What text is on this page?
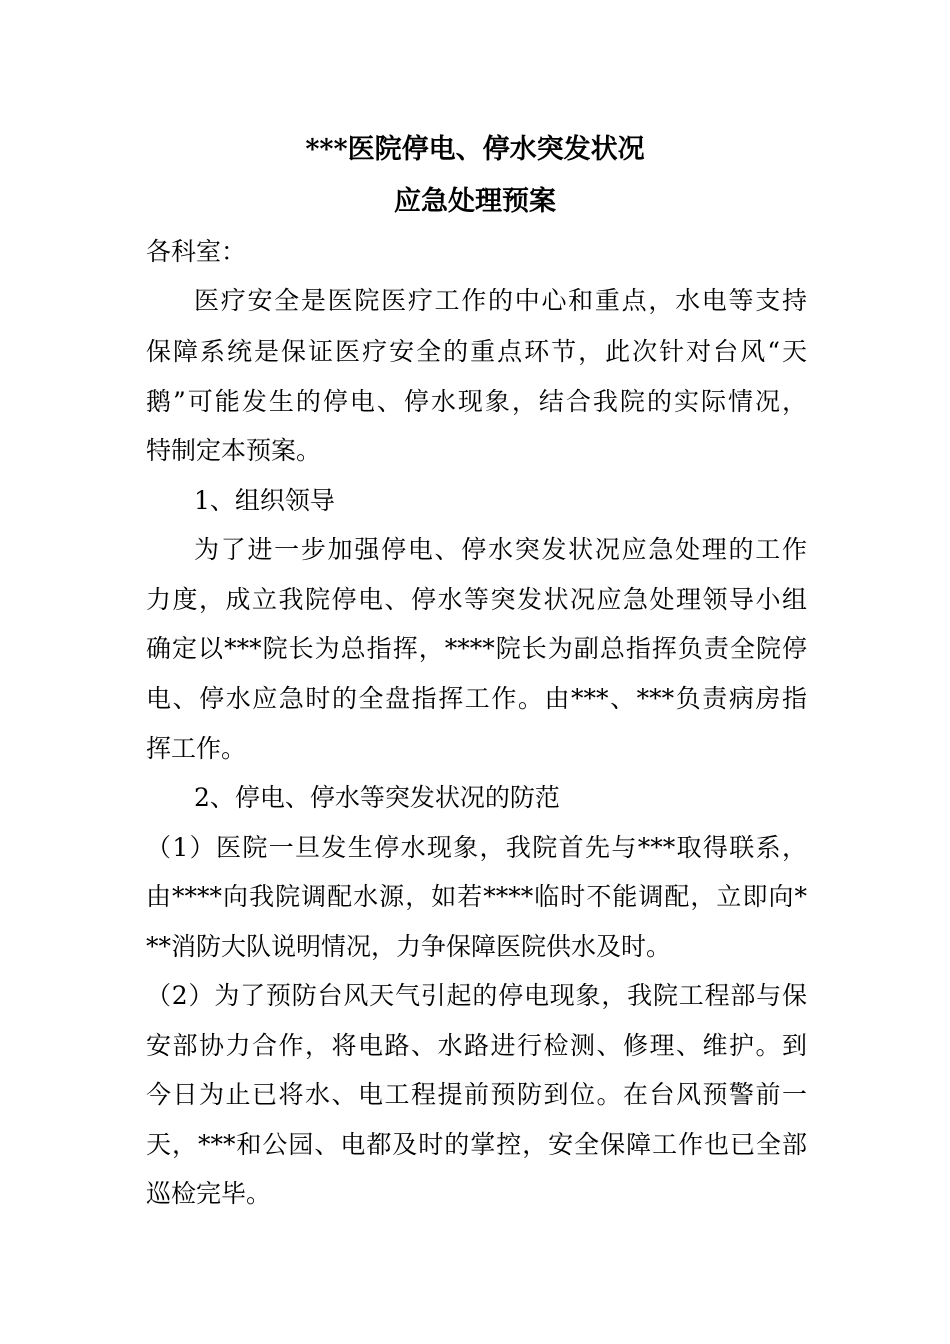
***医院停电、停水突发状况
应急处理预案
各科室：
医疗安全是医院医疗工作的中心和重点，水电等支持
保障系统是保证医疗安全的重点环节，此次针对台风“天
鹅”可能发生的停电、停水现象，结合我院的实际情况，
特制定本预案。
1、组织领导
为了进一步加强停电、停水突发状况应急处理的工作
力度，成立我院停电、停水等突发状况应急处理领导小组
确定以***院长为总指挥，****院长为副总指挥负责全院停
电、停水应急时的全盘指挥工作。由***、***负责病房指
挥工作。
2、停电、停水等突发状况的防范
（1）医院一旦发生停水现象，我院首先与***取得联系，
由****向我院调配水源，如若****临时不能调配，立即向*
**消防大队说明情况，力争保障医院供水及时。
（2）为了预防台风天气引起的停电现象，我院工程部与保
安部协力合作，将电路、水路进行检测、修理、维护。到
今日为止已将水、电工程提前预防到位。在台风预警前一
天，***和公园、电都及时的掌控，安全保障工作也已全部
巡检完毕。
